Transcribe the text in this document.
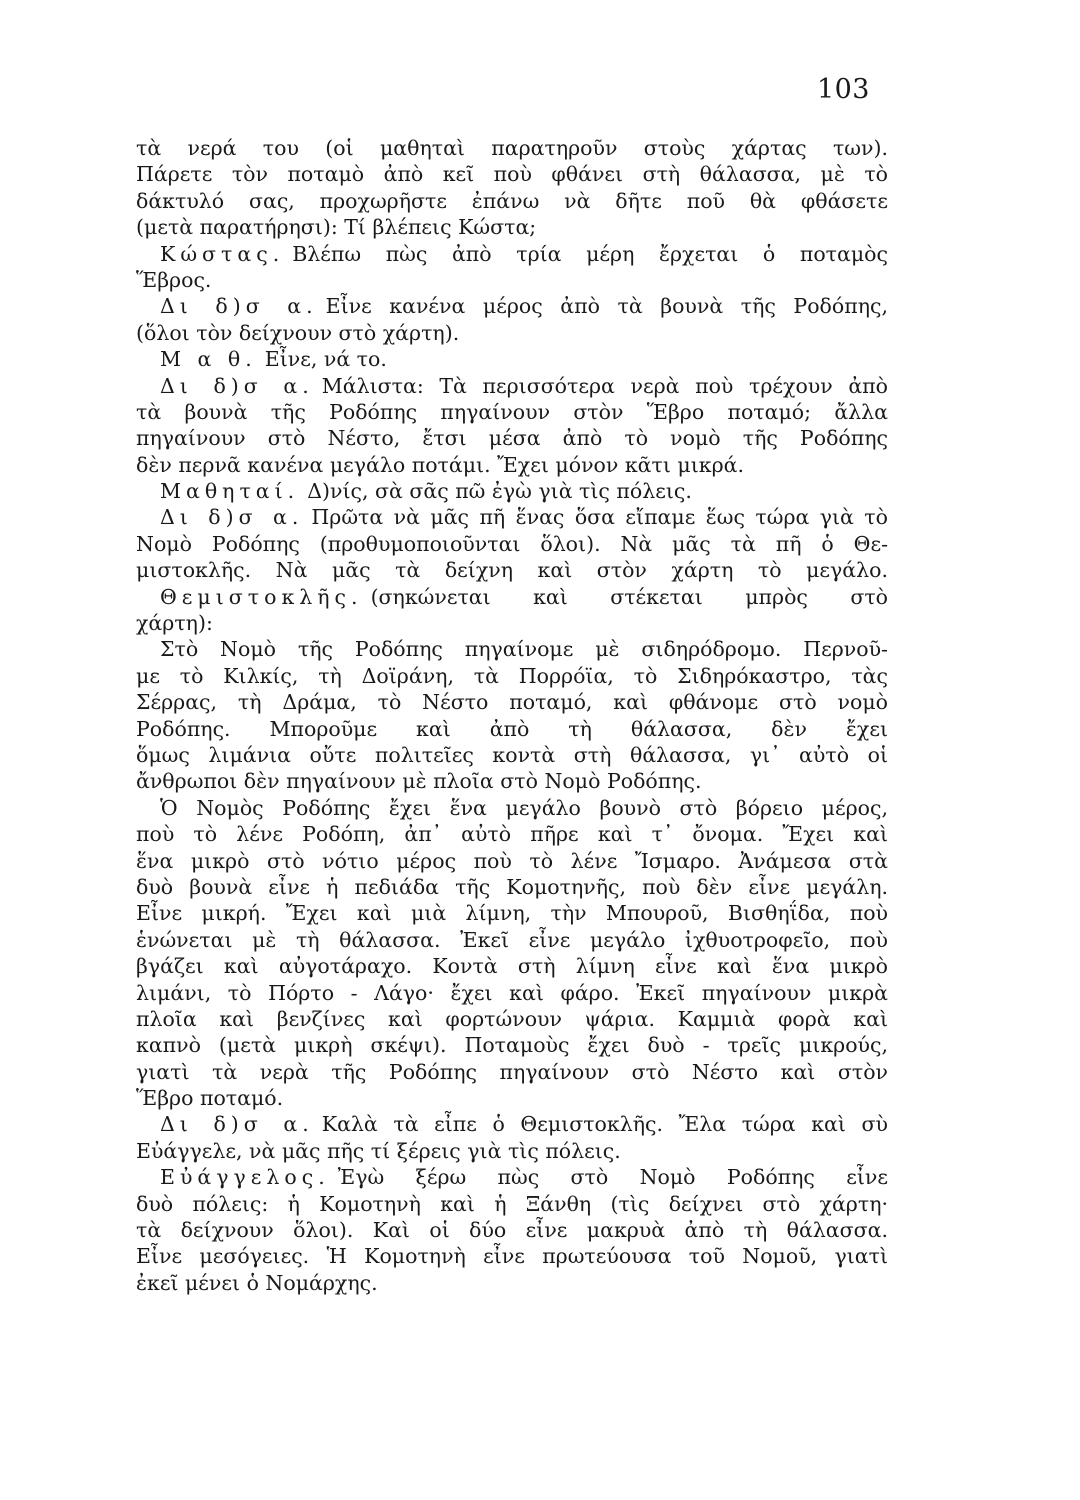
103
τὰ νερά του (οἱ μαθηταὶ παρατηροῦν στοὺς χάρτας των).
Πάρετε τὸν ποταμὸ ἀπὸ κεῖ ποὺ φθάνει στὴ θάλασσα, μὲ τὸ
δάκτυλό σας, προχωρῆστε ἐπάνω νὰ δῆτε ποῦ θὰ φθάσετε
(μετὰ παρατήρησι): Τί βλέπεις Κώστα;
Κώστας. Βλέπω πὼς ἀπὸ τρία μέρη ἔρχεται ὁ ποταμὸς
Ἕβρος.
Δι δ)σ α. Εἶνε κανένα μέρος ἀπὸ τὰ βουνὰ τῆς Ροδόπης,
(ὅλοι τὸν δείχνουν στὸ χάρτη).
Μ α θ. Εἶνε, νά το.
Δι δ)σ α. Μάλιστα: Τὰ περισσότερα νερὰ ποὺ τρέχουν ἀπὸ
τὰ βουνὰ τῆς Ροδόπης πηγαίνουν στὸν Ἕβρο ποταμό; ἄλλα
πηγαίνουν στὸ Νέστο, ἔτσι μέσα ἀπὸ τὸ νομὸ τῆς Ροδόπης
δὲν περνᾶ κανένα μεγάλο ποτάμι. Ἔχει μόνον κᾶτι μικρά.
Μαθηταί. Δ)νίς, σὰ σᾶς πῶ ἐγὼ γιὰ τὶς πόλεις.
Δι δ)σ α. Πρῶτα νὰ μᾶς πῆ ἕνας ὅσα εἴπαμε ἕως τώρα γιὰ τὸ
Νομὸ Ροδόπης (προθυμοποιοῦνται ὅλοι). Νὰ μᾶς τὰ πῆ ὁ Θε-
μιστοκλῆς. Νὰ μᾶς τὰ δείχνη καὶ στὸν χάρτη τὸ μεγάλο.
Θεμιστοκλῆς. (σηκώνεται καὶ στέκεται μπρὸς στὸ
χάρτη):
Στὸ Νομὸ τῆς Ροδόπης πηγαίνομε μὲ σιδηρόδρομο. Περνοῦ-
με τὸ Κιλκίς, τὴ Δοϊράνη, τὰ Πορρόϊα, τὸ Σιδηρόκαστρο, τὰς
Σέρρας, τὴ Δράμα, τὸ Νέστο ποταμό, καὶ φθάνομε στὸ νομὸ
Ροδόπης. Μποροῦμε καὶ ἀπὸ τὴ θάλασσα, δὲν ἔχει
ὅμως λιμάνια οὔτε πολιτεῖες κοντὰ στὴ θάλασσα, γι᾿ αὐτὸ οἱ
ἄνθρωποι δὲν πηγαίνουν μὲ πλοῖα στὸ Νομὸ Ροδόπης.
Ὁ Νομὸς Ροδόπης ἔχει ἕνα μεγάλο βουνὸ στὸ βόρειο μέρος,
ποὺ τὸ λένε Ροδόπη, ἀπ᾿ αὐτὸ πῆρε καὶ τ᾿ ὄνομα. Ἔχει καὶ
ἕνα μικρὸ στὸ νότιο μέρος ποὺ τὸ λένε Ἴσμαρο. Ἀνάμεσα στὰ
δυὸ βουνὰ εἶνε ἡ πεδιάδα τῆς Κομοτηνῆς, ποὺ δὲν εἶνε μεγάλη.
Εἶνε μικρή. Ἔχει καὶ μιὰ λίμνη, τὴν Μπουροῦ, Βισθηΐδα, ποὺ
ἑνώνεται μὲ τὴ θάλασσα. Ἐκεῖ εἶνε μεγάλο ἰχθυοτροφεῖο, ποὺ
βγάζει καὶ αὐγοτάραχο. Κοντὰ στὴ λίμνη εἶνε καὶ ἕνα μικρὸ
λιμάνι, τὸ Πόρτο - Λάγο· ἔχει καὶ φάρο. Ἐκεῖ πηγαίνουν μικρὰ
πλοῖα καὶ βενζίνες καὶ φορτώνουν ψάρια. Καμμιὰ φορὰ καὶ
καπνὸ (μετὰ μικρὴ σκέψι). Ποταμοὺς ἔχει δυὸ - τρεῖς μικρούς,
γιατὶ τὰ νερὰ τῆς Ροδόπης πηγαίνουν στὸ Νέστο καὶ στὸν
Ἕβρο ποταμό.
Δι δ)σ α. Καλὰ τὰ εἶπε ὁ Θεμιστοκλῆς. Ἔλα τώρα καὶ σὺ
Εὐάγγελε, νὰ μᾶς πῆς τί ξέρεις γιὰ τὶς πόλεις.
Εὐάγγελος. Ἐγὼ ξέρω πὼς στὸ Νομὸ Ροδόπης εἶνε
δυὸ πόλεις: ἡ Κομοτηνὴ καὶ ἡ Ξάνθη (τὶς δείχνει στὸ χάρτη·
τὰ δείχνουν ὅλοι). Καὶ οἱ δύο εἶνε μακρυὰ ἀπὸ τὴ θάλασσα.
Εἶνε μεσόγειες. Ἡ Κομοτηνὴ εἶνε πρωτεύουσα τοῦ Νομοῦ, γιατὶ
ἐκεῖ μένει ὁ Νομάρχης.
